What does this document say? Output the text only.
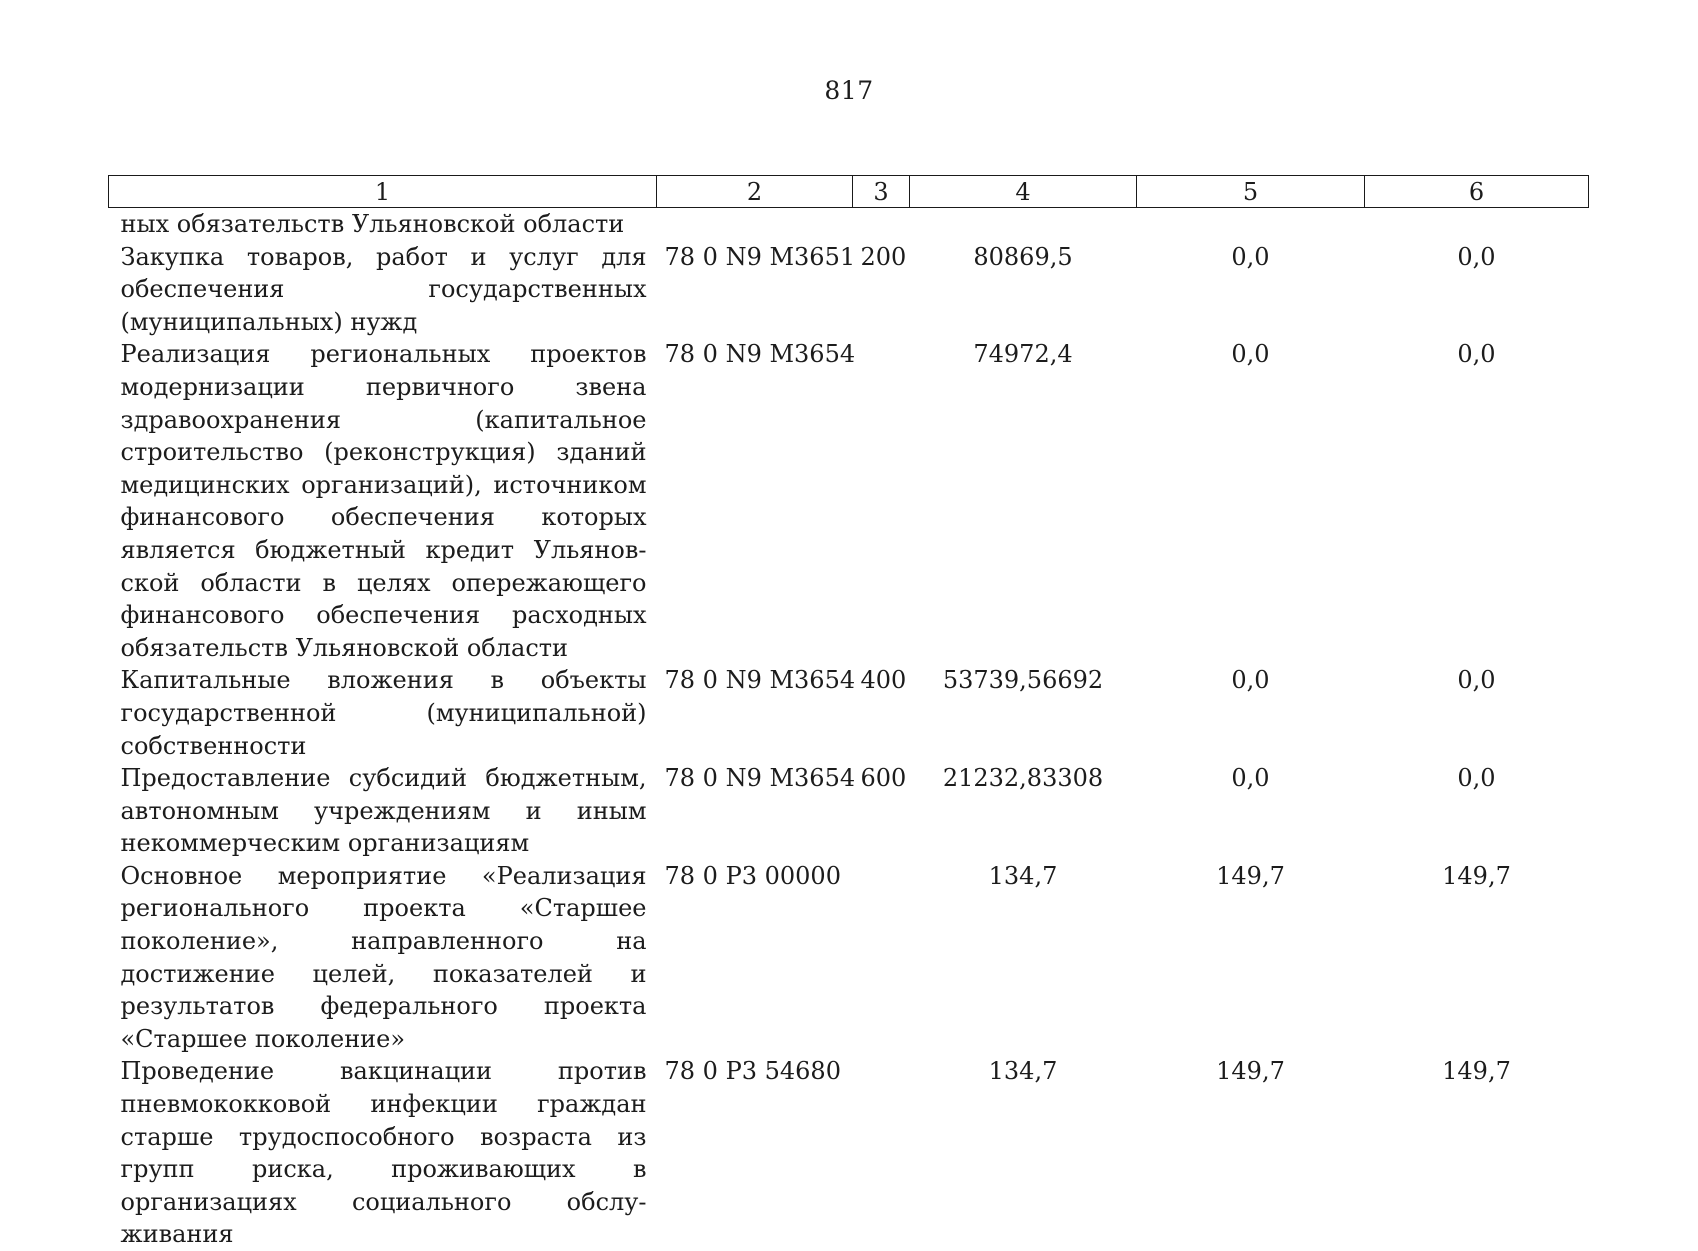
817
1	2	3	4	5	6
ных обязательств Ульяновской области					
Закупка товаров, работ и услуг для обеспечения государственных (муниципальных) нужд	78 0 N9 М3651	200	80869,5	0,0	0,0
Реализация региональных проектов модернизации первичного звена здравоохранения (капитальное строительство (реконструкция) зданий медицинских организаций), источником финансового обеспечения которых является бюджетный кредит Ульяновской области в целях опережающего финансового обеспечения расходных обязательств Ульяновской области	78 0 N9 М3654		74972,4	0,0	0,0
Капитальные вложения в объекты государственной (муниципальной) собственности	78 0 N9 М3654	400	53739,56692	0,0	0,0
Предоставление субсидий бюджетным, автономным учреждениям и иным некоммерческим организациям	78 0 N9 М3654	600	21232,83308	0,0	0,0
Основное мероприятие «Реализация регионального проекта «Старшее поколение», направленного на достижение целей, показателей и результатов федерального проекта «Старшее поколение»	78 0 Р3 00000		134,7	149,7	149,7
Проведение вакцинации против пневмококковой инфекции граждан старше трудоспособного возраста из групп риска, проживающих в организациях социального обслуживания	78 0 Р3 54680		134,7	149,7	149,7
